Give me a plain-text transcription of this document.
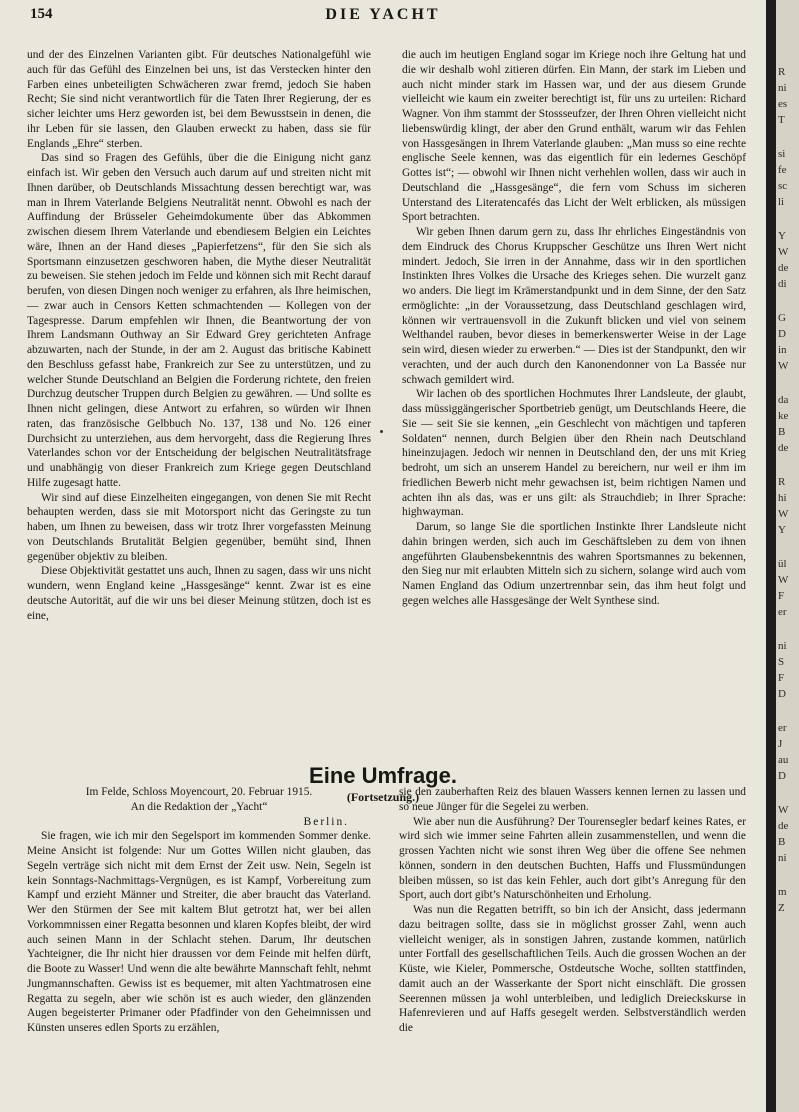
154	DIE YACHT

und der des Einzelnen Varianten gibt. Für deutsches Nationalgefühl wie auch für das Gefühl des Einzelnen bei uns, ist das Verstecken hinter den Farben eines unbeteiligten Schwächeren zwar fremd, jedoch Sie haben Recht; Sie sind nicht verantwortlich für die Taten Ihrer Regierung, der es sicher leichter ums Herz geworden ist, bei dem Bewusstsein in denen, die ihr Leben für sie lassen, den Glauben erweckt zu haben, dass sie für Englands „Ehre“ sterben.

Das sind so Fragen des Gefühls, über die die Einigung nicht ganz einfach ist. Wir geben den Versuch auch darum auf und streiten nicht mit Ihnen darüber, ob Deutschlands Missachtung dessen berechtigt war, was man in Ihrem Vaterlande Belgiens Neutralität nennt. Obwohl es nach der Auffindung der Brüsseler Geheimdokumente über das Abkommen zwischen diesem Ihrem Vaterlande und ebendiesem Belgien ein Leichtes wäre, Ihnen an der Hand dieses „Papierfetzens“, für den Sie sich als Sportsmann einzusetzen geschworen haben, die Mythe dieser Neutralität zu beweisen. Sie stehen jedoch im Felde und können sich mit Recht darauf berufen, von diesen Dingen noch weniger zu erfahren, als Ihre heimischen, — zwar auch in Censors Ketten schmachtenden — Kollegen von der Tagespresse. Darum empfehlen wir Ihnen, die Beantwortung der von Ihrem Landsmann Outhway an Sir Edward Grey gerichteten Anfrage abzuwarten, nach der Stunde, in der am 2. August das britische Kabinett den Beschluss gefasst habe, Frankreich zur See zu unterstützen, und zu welcher Stunde Deutschland an Belgien die Forderung richtete, den freien Durchzug deutscher Truppen durch Belgien zu gewähren. — Und sollte es Ihnen nicht gelingen, diese Antwort zu erfahren, so würden wir Ihnen raten, das französische Gelbbuch No. 137, 138 und No. 126 einer Durchsicht zu unterziehen, aus dem hervorgeht, dass die Regierung Ihres Vaterlandes schon vor der Entscheidung der belgischen Neutralitätsfrage und unabhängig von dieser Frankreich zum Kriege gegen Deutschland Hilfe zugesagt hatte.

Wir sind auf diese Einzelheiten eingegangen, von denen Sie mit Recht behaupten werden, dass sie mit Motorsport nicht das Geringste zu tun haben, um Ihnen zu beweisen, dass wir trotz Ihrer vorgefassten Meinung von Deutschlands Brutalität Belgien gegenüber, bemüht sind, Ihnen gegenüber objektiv zu bleiben.

Diese Objektivität gestattet uns auch, Ihnen zu sagen, dass wir uns nicht wundern, wenn England keine „Hassgesänge“ kennt. Zwar ist es eine deutsche Autorität, auf die wir uns bei dieser Meinung stützen, doch ist es eine,

die auch im heutigen England sogar im Kriege noch ihre Geltung hat und die wir deshalb wohl zitieren dürfen. Ein Mann, der stark im Lieben und auch nicht minder stark im Hassen war, und der aus diesem Grunde vielleicht wie kaum ein zweiter berechtigt ist, für uns zu urteilen: Richard Wagner. Von ihm stammt der Stossseufzer, der Ihren Ohren vielleicht nicht liebenswürdig klingt, der aber den Grund enthält, warum wir das Fehlen von Hassgesängen in Ihrem Vaterlande glauben: „Man muss so eine rechte englische Seele kennen, was das eigentlich für ein ledernes Geschöpf Gottes ist“; — obwohl wir Ihnen nicht verhehlen wollen, dass wir auch in Deutschland die „Hassgesänge“, die fern vom Schuss im sicheren Unterstand des Literatencafés das Licht der Welt erblicken, als müssigen Sport betrachten.

Wir geben Ihnen darum gern zu, dass Ihr ehrliches Eingeständnis von dem Eindruck des Chorus Kruppscher Geschütze uns Ihren Wert nicht mindert. Jedoch, Sie irren in der Annahme, dass wir in den sportlichen Instinkten Ihres Volkes die Ursache des Krieges sehen. Die wurzelt ganz wo anders. Die liegt im Krämerstandpunkt und in dem Sinne, der den Satz ermöglichte: „in der Voraussetzung, dass Deutschland geschlagen wird, können wir vertrauensvoll in die Zukunft blicken und viel von seinem Welthandel rauben, bevor dieses in bemerkenswerter Weise in der Lage sein wird, diesen wieder zu erwerben.“ — Dies ist der Standpunkt, den wir verachten, und der auch durch den Kanonendonner von La Bassée nur schwach gemildert wird.

Wir lachen ob des sportlichen Hochmutes Ihrer Landsleute, der glaubt, dass müssiggängerischer Sportbetrieb genügt, um Deutschlands Heere, die Sie — seit Sie sie kennen, „ein Geschlecht von mächtigen und tapferen Soldaten“ nennen, durch Belgien über den Rhein nach Deutschland hineinzujagen. Jedoch wir nennen in Deutschland den, der uns mit Krieg bedroht, um sich an unserem Handel zu bereichern, nur weil er ihm im friedlichen Bewerb nicht mehr gewachsen ist, beim richtigen Namen und achten ihn als das, was er uns gilt: als Strauchdieb; in Ihrer Sprache: highwayman.

Darum, so lange Sie die sportlichen Instinkte Ihrer Landsleute nicht dahin bringen werden, sich auch im Geschäftsleben zu dem von ihnen angeführten Glaubensbekenntnis des wahren Sportsmannes zu bekennen, den Sieg nur mit erlaubten Mitteln sich zu sichern, solange wird auch vom Namen England das Odium unzertrennbar sein, das ihm heut folgt und gegen welches alle Hassgesänge der Welt Synthese sind.

Eine Umfrage.
(Fortsetzung.)
Im Felde, Schloss Moyencourt, 20. Februar 1915.
An die Redaktion der „Yacht“
Berlin.

Sie fragen, wie ich mir den Segelsport im kommenden Sommer denke. Meine Ansicht ist folgende: Nur um Gottes Willen nicht glauben, das Segeln verträge sich nicht mit dem Ernst der Zeit usw. Nein, Segeln ist kein Sonntags-Nachmittags-Vergnügen, es ist Kampf, Vorbereitung zum Kampf und erzieht Männer und Streiter, die aber braucht das Vaterland. Wer den Stürmen der See mit kaltem Blut getrotzt hat, wer bei allen Vorkommnissen einer Regatta besonnen und klaren Kopfes bleibt, der wird auch seinen Mann in der Schlacht stehen. Darum, Ihr deutschen Yachteigner, die Ihr nicht hier draussen vor dem Feinde mit helfen dürft, die Boote zu Wasser! Und wenn die alte bewährte Mannschaft fehlt, nehmt Jungmannschaften. Gewiss ist es bequemer, mit alten Yachtmatrosen eine Regatta zu segeln, aber wie schön ist es auch wieder, den glänzenden Augen begeisterter Primaner oder Pfadfinder von den Geheimnissen und Künsten unseres edlen Sports zu erzählen,

sie den zauberhaften Reiz des blauen Wassers kennen lernen zu lassen und so neue Jünger für die Segelei zu werben.

Wie aber nun die Ausführung? Der Tourensegler bedarf keines Rates, er wird sich wie immer seine Fahrten allein zusammenstellen, und wenn die grossen Yachten nicht wie sonst ihren Weg über die offene See nehmen können, sondern in den deutschen Buchten, Haffs und Flussmündungen bleiben müssen, so ist das kein Fehler, auch dort gibt’s Anregung für den Sport, auch dort gibt’s Naturschönheiten und Erholung.

Was nun die Regatten betrifft, so bin ich der Ansicht, dass jedermann dazu beitragen sollte, dass sie in möglichst grosser Zahl, wenn auch vielleicht weniger, als in sonstigen Jahren, zustande kommen, natürlich unter Fortfall des gesellschaftlichen Teils. Auch die grossen Wochen an der Küste, wie Kieler, Pommersche, Ostdeutsche Woche, sollten stattfinden, damit auch an der Wasserkante der Sport nicht einschläft. Die grossen Seerennen müssen ja wohl unterbleiben, und lediglich Dreieckskurse in Hafenrevieren und auf Haffs gesegelt werden. Selbstverständlich werden die

R
ni
es
T
si
fe
sc
li
Y
W
de
di
G
D
in
W
da
ke
B
de
R
hi
W
Y
ül
W
F
er
ni
S
F
D
er
J
au
D
W
de
B
ni
m
Z
